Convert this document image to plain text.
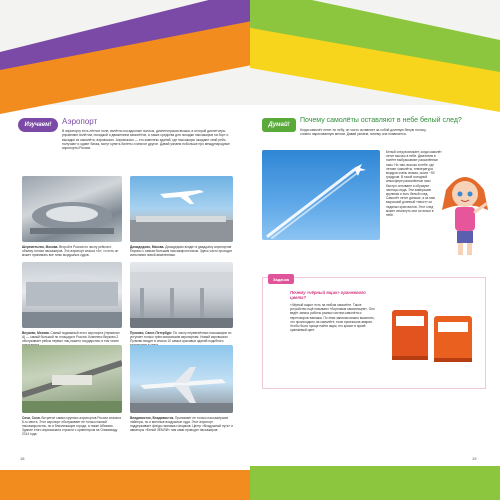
Изучаем!	Аэропорт
В аэропорту есть лётное поле, взлётно-посадочные полосы, диспетчерская вышка, в которой диспетчеры управляют взлётом, посадкой и движением самолётов, а также средства для посадки пассажиров на борт и высадки из самолёта, аэровокзал. Аэровокзал — это комплекс зданий, где пассажиры ожидают свой рейс, получают и сдают багаж, могут купить билеты и многое другое. Давай узнаем побольше про международные аэропорты России.
Шереметьево, Москва. Второй в России по числу рейсов и объему потока пассажиров. Это аэропорт класса «А», то есть он может принимать все типы воздушных судов.
Домодедово, Москва. Домодедово входит в двадцатку аэропортов Европы с самым большим пассажиропотоком. Здесь часто проходят испытания новой авиатехники.
Внуково, Москва. Самый подвижный этого аэропорта (терминал А) — самый большой по площади в России. Комплекс Внуково-2 обслуживает рейсы первых лиц нашего государства, в том числе
Пулково, Санкт-Петербург. По числу перевезённых пассажиров он уступает только трём московским аэропортам. Новый аэровокзал Пулково входит в список 10 самых красивых зданий подобного
Сочи, Сочи. Встретил самых крупных аэропортов России сначала 5-го места. Этот аэропорт обслуживает не только южный пассажиропоток, но и близлежащие города, а также Абхазию. Здание этого аэровокзала строили с ориентиром на Олимпиаду 2014 года.
Владивосток, Владивосток. Принимает не только пассажирские лайнеры, но и военные воздушные суда. Этот аэропорт поддерживает фонды экипажа-гонщиков. Центр «Воздушный путь» и авиаторы «Белой ЗЕМЛИ» там сами проводят пассажиров.
18
Думай!
Почему самолёты оставляют в небе белый след?
Когда самолёт летит по небу, он часто оставляет за собой длинную белую полосу, словно нарисованную мелом. Давай узнаем, почему она появляется.
Белый след возникает, когда самолёт летит высоко в небе. Двигатели в полёте выбрасывают раскалённые газы. Но там, высоко в небе, где летают самолёты, температура воздуха очень низкая, около −50 градусов. В такой холодной атмосфере раскалённые газы быстро остывают и образуют частицы льда. Эти замёрзшие крупинки и есть белый след. Самолёт летит дальше, а за ним выросший длинный «хвост» из ледяных кристаллов. Этот след может исчезнуть или остаться в небе.
Задачка
Почему «чёрный ящик» оранжевого цвета?
«Чёрный ящик» есть на любом самолёте. Такое устройство ещё называют «бортовым самописцем». Оно ведёт запись работы разных систем самолёта и переговоров экипажа. По этим записям можно выяснить, что происходило на самолёте, если произошла авария. Чтобы было проще найти ящик, его красят в яркий оранжевый цвет.
19
